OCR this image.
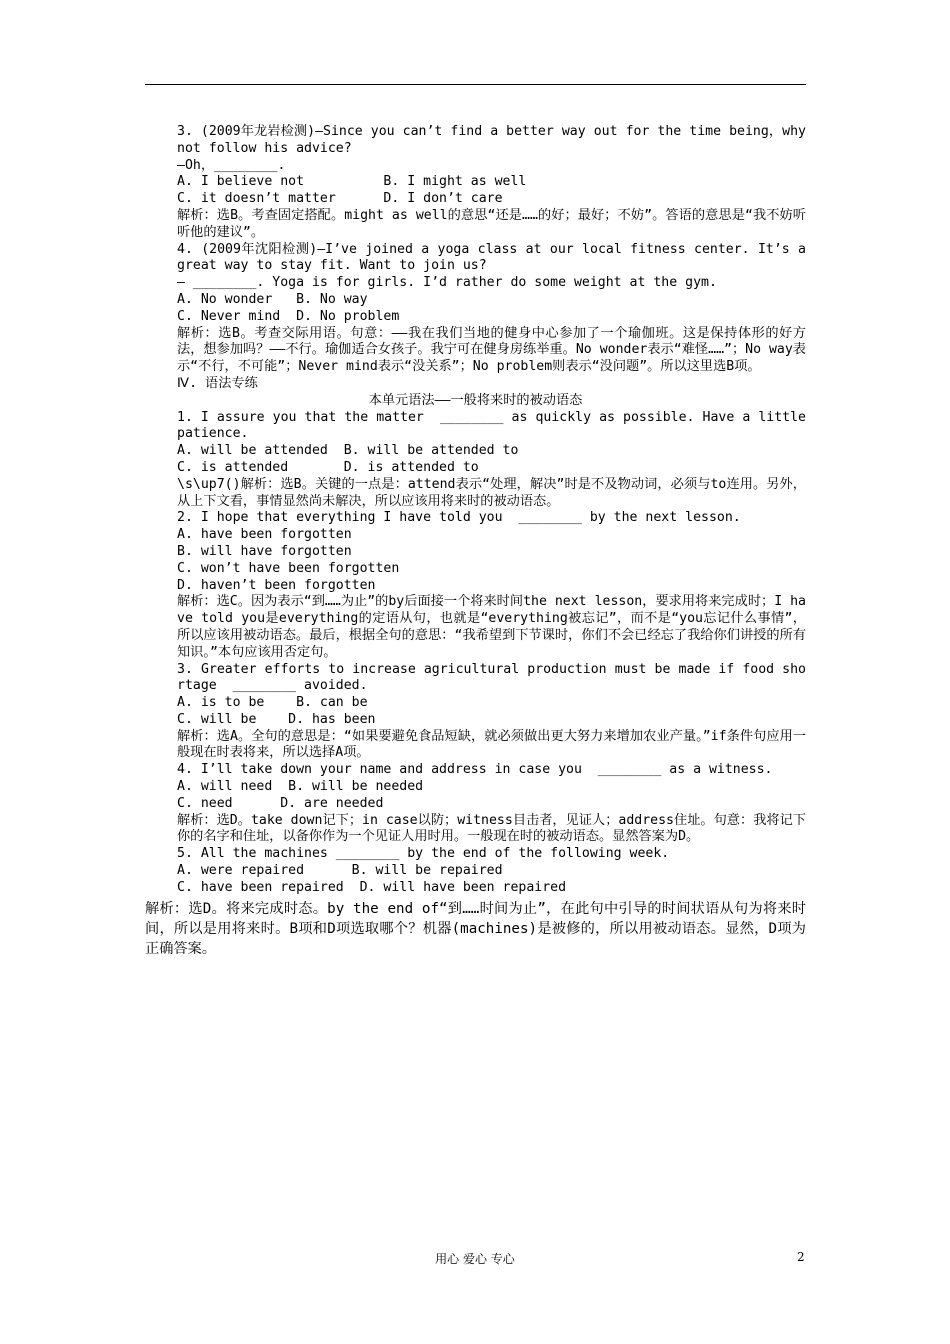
3. (2009年龙岩检测)—Since you can’t find a better way out for the time being，why not follow his advice?

—Oh，________.

A. I believe not          B. I might as well

C. it doesn’t matter      D. I don’t care

解析：选B。考查固定搭配。might as well的意思“还是……的好；最好；不妨”。答语的意思是“我不妨听听他的建议”。

4. (2009年沈阳检测)—I’ve joined a yoga class at our local fitness center. It’s a great way to stay fit. Want to join us?

— ________. Yoga is for girls. I’d rather do some weight at the gym.

A. No wonder   B. No way

C. Never mind  D. No problem

解析：选B。考查交际用语。句意：——我在我们当地的健身中心参加了一个瑜伽班。这是保持体形的好方法，想参加吗？——不行。瑜伽适合女孩子。我宁可在健身房练举重。No wonder表示“难怪……”；No way表示“不行，不可能”；Never mind表示“没关系”；No problem则表示“没问题”。所以这里选B项。

Ⅳ. 语法专练

本单元语法——一般将来时的被动语态

1. I assure you that the matter  ________ as quickly as possible. Have a little patience.

A. will be attended  B. will be attended to

C. is attended       D. is attended to

\s\up7()解析：选B。关键的一点是：attend表示“处理，解决”时是不及物动词，必须与to连用。另外，从上下文看，事情显然尚未解决，所以应该用将来时的被动语态。

2. I hope that everything I have told you  ________ by the next lesson.

A. have been forgotten

B. will have forgotten

C. won’t have been forgotten

D. haven’t been forgotten

解析：选C。因为表示“到……为止”的by后面接一个将来时间the next lesson，要求用将来完成时；I have told you是everything的定语从句，也就是“everything被忘记”，而不是“you忘记什么事情”，所以应该用被动语态。最后，根据全句的意思：“我希望到下节课时，你们不会已经忘了我给你们讲授的所有知识。”本句应该用否定句。

3. Greater efforts to increase agricultural production must be made if food shortage  ________ avoided.

A. is to be    B. can be

C. will be    D. has been

解析：选A。全句的意思是：“如果要避免食品短缺，就必须做出更大努力来增加农业产量。”if条件句应用一般现在时表将来，所以选择A项。

4. I’ll take down your name and address in case you  ________ as a witness.

A. will need  B. will be needed

C. need      D. are needed

解析：选D。take down记下；in case以防；witness目击者，见证人；address住址。句意：我将记下你的名字和住址，以备你作为一个见证人用时用。一般现在时的被动语态。显然答案为D。

5. All the machines ________ by the end of the following week.

A. were repaired      B. will be repaired

C. have been repaired  D. will have been repaired

解析：选D。将来完成时态。by the end of“到……时间为止”，在此句中引导的时间状语从句为将来时间，所以是用将来时。B项和D项选取哪个？机器(machines)是被修的，所以用被动语态。显然，D项为正确答案。

用心 爱心 专心	2
